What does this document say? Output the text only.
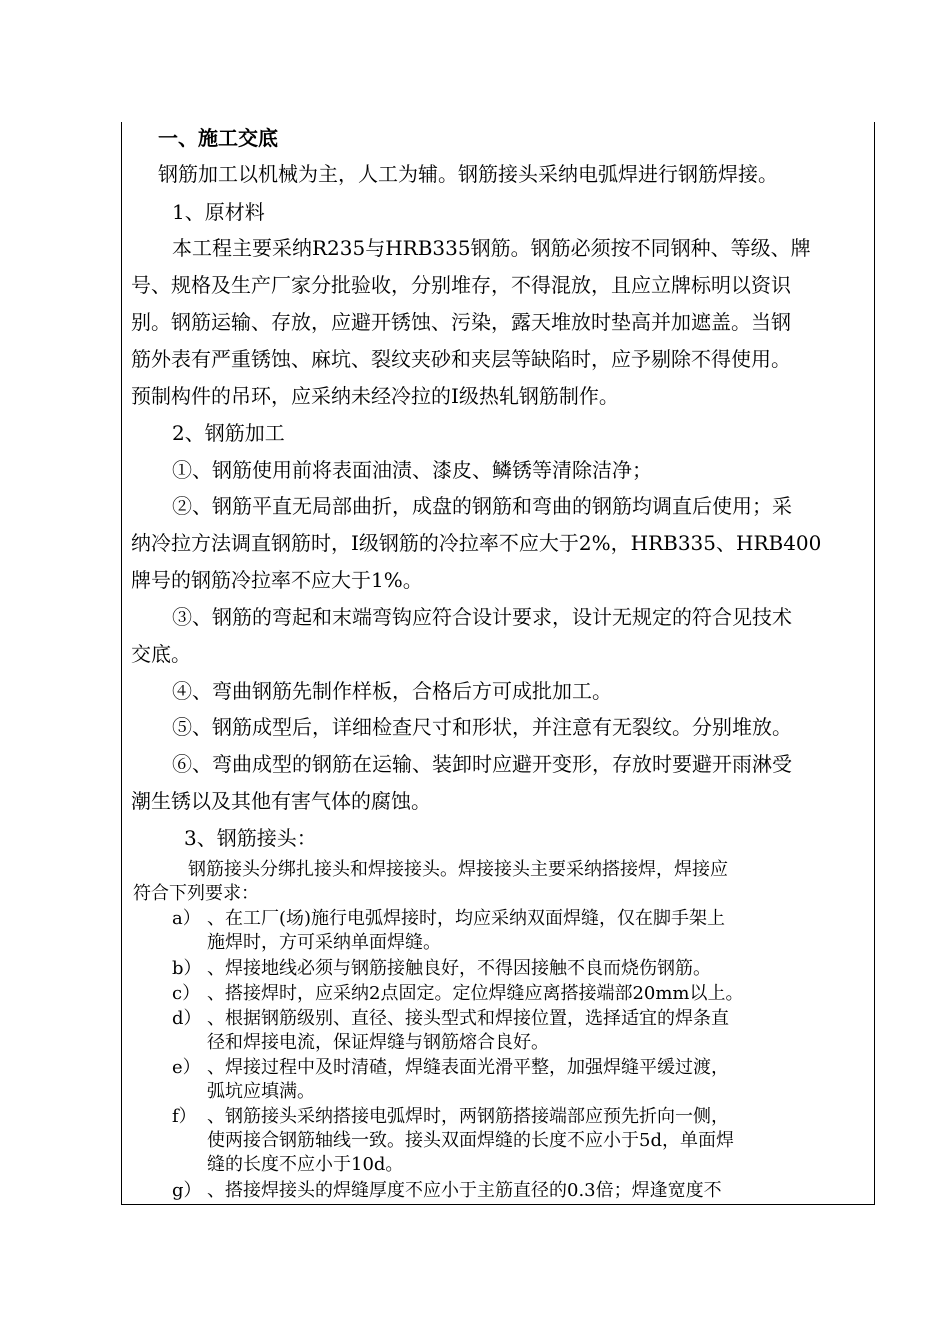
一、施工交底
钢筋加工以机械为主，人工为辅。钢筋接头采纳电弧焊进行钢筋焊接。
1、原材料
本工程主要采纳R235与HRB335钢筋。钢筋必须按不同钢种、等级、牌
号、规格及生产厂家分批验收，分别堆存，不得混放，且应立牌标明以资识
别。钢筋运输、存放，应避开锈蚀、污染，露天堆放时垫高并加遮盖。当钢
筋外表有严重锈蚀、麻坑、裂纹夹砂和夹层等缺陷时，应予剔除不得使用。
预制构件的吊环，应采纳未经冷拉的Ⅰ级热轧钢筋制作。
2、钢筋加工
①、钢筋使用前将表面油渍、漆皮、鳞锈等清除洁净；
②、钢筋平直无局部曲折，成盘的钢筋和弯曲的钢筋均调直后使用；采
纳冷拉方法调直钢筋时，Ⅰ级钢筋的冷拉率不应大于2%，HRB335、HRB400
牌号的钢筋冷拉率不应大于1%。
③、钢筋的弯起和末端弯钩应符合设计要求，设计无规定的符合见技术
交底。
④、弯曲钢筋先制作样板，合格后方可成批加工。
⑤、钢筋成型后，详细检查尺寸和形状，并注意有无裂纹。分别堆放。
⑥、弯曲成型的钢筋在运输、装卸时应避开变形，存放时要避开雨淋受
潮生锈以及其他有害气体的腐蚀。
3、钢筋接头：
钢筋接头分绑扎接头和焊接接头。焊接接头主要采纳搭接焊，焊接应
符合下列要求：
a） 、在工厂(场)施行电弧焊接时，均应采纳双面焊缝，仅在脚手架上
施焊时，方可采纳单面焊缝。
b） 、焊接地线必须与钢筋接触良好，不得因接触不良而烧伤钢筋。
c） 、搭接焊时，应采纳2点固定。定位焊缝应离搭接端部20mm以上。
d） 、根据钢筋级别、直径、接头型式和焊接位置，选择适宜的焊条直
径和焊接电流，保证焊缝与钢筋熔合良好。
e） 、焊接过程中及时清碴，焊缝表面光滑平整，加强焊缝平缓过渡，
弧坑应填满。
f） 、钢筋接头采纳搭接电弧焊时，两钢筋搭接端部应预先折向一侧，
使两接合钢筋轴线一致。接头双面焊缝的长度不应小于5d，单面焊
缝的长度不应小于10d。
g） 、搭接焊接头的焊缝厚度不应小于主筋直径的0.3倍；焊逢宽度不
